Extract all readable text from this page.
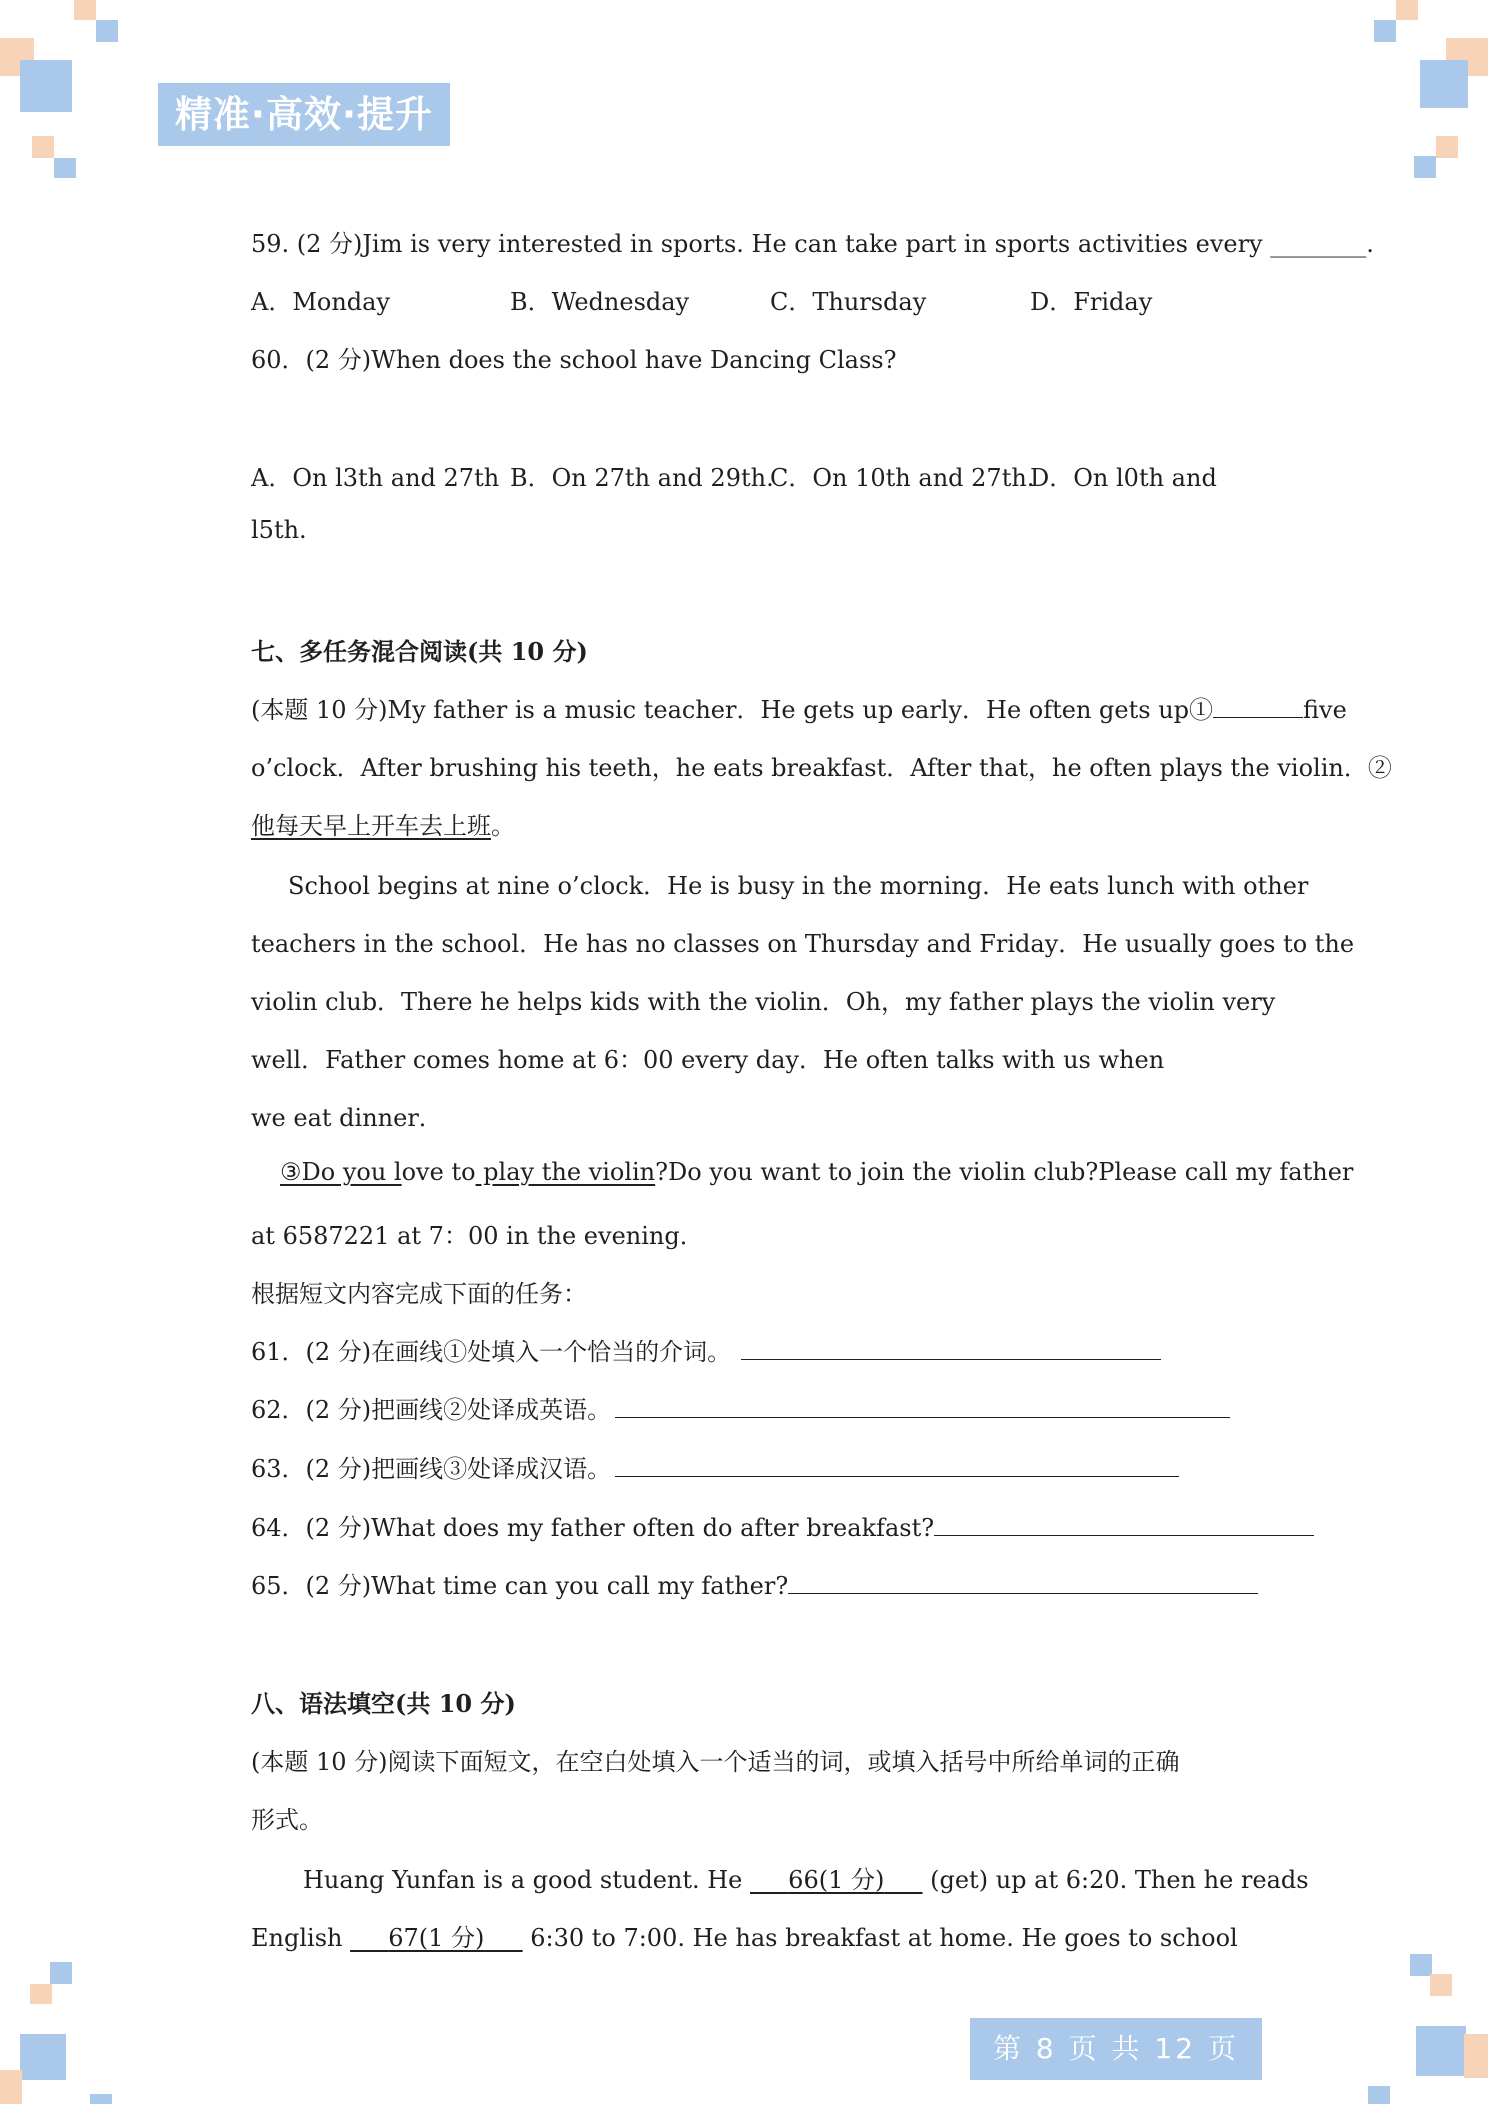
精准·高效·提升
59. (2 分)Jim is very interested in sports. He can take part in sports activities every ________.
A．Monday	B．Wednesday	C．Thursday	D．Friday
60．(2 分)When does the school have Dancing Class?
A．On l3th and 27th B．On 27th and 29th.
C．On 10th and 27th.
D．On l0th and
l5th.
七、多任务混合阅读(共 10 分)
(本题 10 分)My father is a music teacher．He gets up early．He often gets up①	five
o’clock．After brushing his teeth，he eats breakfast．After that，he often plays the violin．②
他每天早上开车去上班。
School begins at nine o’clock．He is busy in the morning．He eats lunch with other
teachers in the school．He has no classes on Thursday and Friday．He usually goes to the
violin club．There he helps kids with the violin．Oh，my father plays the violin very
well．Father comes home at 6：00 every day．He often talks with us when
we eat dinner．
③Do you love to play the violin?Do you want to join the violin club?Please call my father
at 6587221 at 7：00 in the evening．
根据短文内容完成下面的任务：
61．(2 分)在画线①处填入一个恰当的介词。
62．(2 分)把画线②处译成英语。
63．(2 分)把画线③处译成汉语。
64．(2 分)What does my father often do after breakfast?
65．(2 分)What time can you call my father?
八、语法填空(共 10 分)
(本题 10 分)阅读下面短文，在空白处填入一个适当的词，或填入括号中所给单词的正确
形式。
Huang Yunfan is a good student. He      66(1 分)      (get) up at 6:20. Then he reads
English      67(1 分)      6:30 to 7:00. He has breakfast at home. He goes to school
第 8 页 共 12 页
